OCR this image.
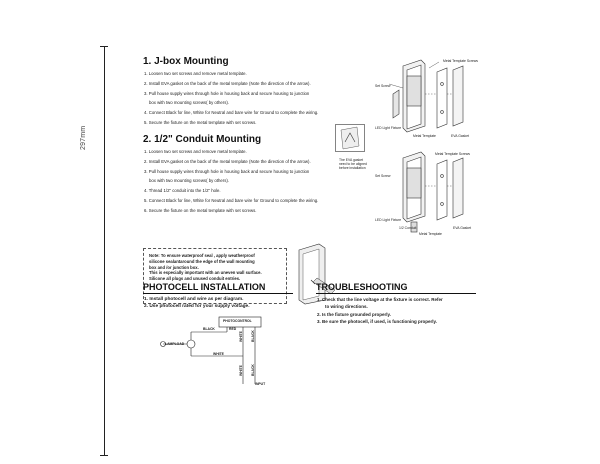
297mm
1. J-box Mounting
1. Loosen two set screws and remove metal template.
2. Install EVA gasket on the back of the metal template (Note the direction of the arrow).
3. Pull house supply wires through hole in housing back and secure housing to junction
box with two mounting screws( by others).
4. Connect Black for line, White for Neutral and bare wire for Ground to complete the wiring.
5. Secure the fixture on the metal template with set screws.
2. 1/2" Conduit Mounting
1. Loosen two set screws and remove metal template.
2. Install EVA gasket on the back of the metal template (Note the direction of the arrow).
3. Pull house supply wires through hole in housing back and secure housing to junction
box with two mounting screws( by others).
4. Thread 1/2" conduit into the 1/2" hole.
5. Connect Black for line, White for Neutral and bare wire for Ground to complete the wiring.
6. Secure the fixture on the metal template with set screws.
Metal Template Screws
Set Screw
LED Light Fixture
Metal Template	EVA Gasket
The EVA gasket
need to be aligned
before installation
Metal Template Screws
Set Screw
LED Light Fixture
1/2 Conduit
Metal Template
EVA Gasket
Note: To ensure waterproof seal , apply weatherproof
silicone sealantaround the edge of the wall mounting
box and /or junction box.
This is especially important with an uneven wall surface.
Silicone all plugs and unused conduit entries.
PHOTOCELL INSTALLATION
1. Install photocell and wire as per diagram.
2. Use photocell rated for your supply voltage.
PHOTOCONTROL
BLACK	RED
LAMPLOAD
WHITE
WHITE BLACK
WHITE BLACK
INPUT
TROUBLESHOOTING
1. Check that the line voltage at the fixture is correct. Refer
to wiring directions.
2. Is the fixture grounded properly.
3. Be sure the photocell, if used, is functioning properly.
